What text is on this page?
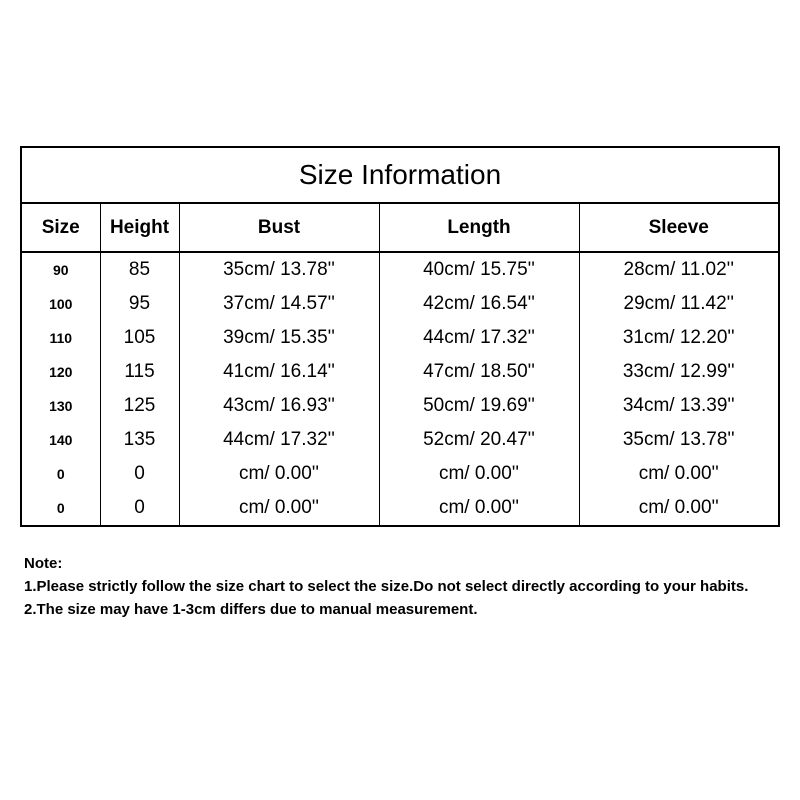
Size Information
Size	Height	Bust	Length	Sleeve
90	85	35cm/ 13.78''	40cm/ 15.75''	28cm/ 11.02''
100	95	37cm/ 14.57''	42cm/ 16.54''	29cm/ 11.42''
110	105	39cm/ 15.35''	44cm/ 17.32''	31cm/ 12.20''
120	115	41cm/ 16.14''	47cm/ 18.50''	33cm/ 12.99''
130	125	43cm/ 16.93''	50cm/ 19.69''	34cm/ 13.39''
140	135	44cm/ 17.32''	52cm/ 20.47''	35cm/ 13.78''
0	0	cm/ 0.00''	cm/ 0.00''	cm/ 0.00''
0	0	cm/ 0.00''	cm/ 0.00''	cm/ 0.00''

Note:

1.Please strictly follow the size chart to select the size.Do not select directly according to your habits.

2.The size may have 1-3cm differs due to manual measurement.
